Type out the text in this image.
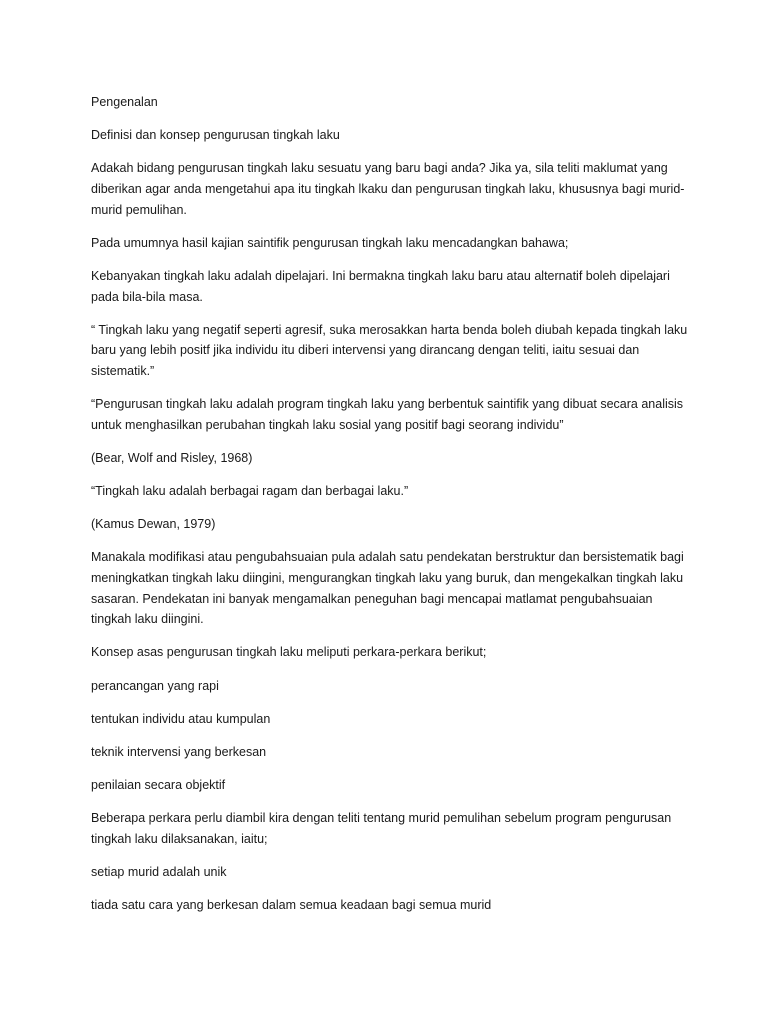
Pengenalan

Definisi dan konsep pengurusan tingkah laku

Adakah bidang pengurusan tingkah laku sesuatu yang baru bagi anda? Jika ya, sila teliti maklumat yang diberikan agar anda mengetahui apa itu tingkah lkaku dan pengurusan tingkah laku, khususnya bagi murid-murid pemulihan.

Pada umumnya hasil kajian saintifik pengurusan tingkah laku mencadangkan bahawa;

Kebanyakan tingkah laku adalah dipelajari. Ini bermakna tingkah laku baru atau alternatif boleh dipelajari pada bila-bila masa.

“ Tingkah laku yang negatif seperti agresif, suka merosakkan harta benda boleh diubah kepada tingkah laku baru yang lebih positf jika individu itu diberi intervensi yang dirancang dengan teliti, iaitu sesuai dan sistematik.”

“Pengurusan tingkah laku adalah program tingkah laku yang berbentuk saintifik yang dibuat secara analisis untuk menghasilkan perubahan tingkah laku sosial yang positif bagi seorang individu”

(Bear, Wolf and Risley, 1968)

“Tingkah laku adalah berbagai ragam dan berbagai laku.”

(Kamus Dewan, 1979)

Manakala modifikasi atau pengubahsuaian pula adalah satu pendekatan berstruktur dan bersistematik bagi meningkatkan tingkah laku diingini, mengurangkan tingkah laku yang buruk, dan mengekalkan tingkah laku sasaran. Pendekatan ini banyak mengamalkan peneguhan bagi mencapai matlamat pengubahsuaian tingkah laku diingini.

Konsep asas pengurusan tingkah laku meliputi perkara-perkara berikut;

perancangan yang rapi

tentukan individu atau kumpulan

teknik intervensi yang berkesan

penilaian secara objektif

Beberapa perkara perlu diambil kira dengan teliti tentang murid pemulihan sebelum program pengurusan tingkah laku dilaksanakan, iaitu;

setiap murid adalah unik

tiada satu cara yang berkesan dalam semua keadaan bagi semua murid
